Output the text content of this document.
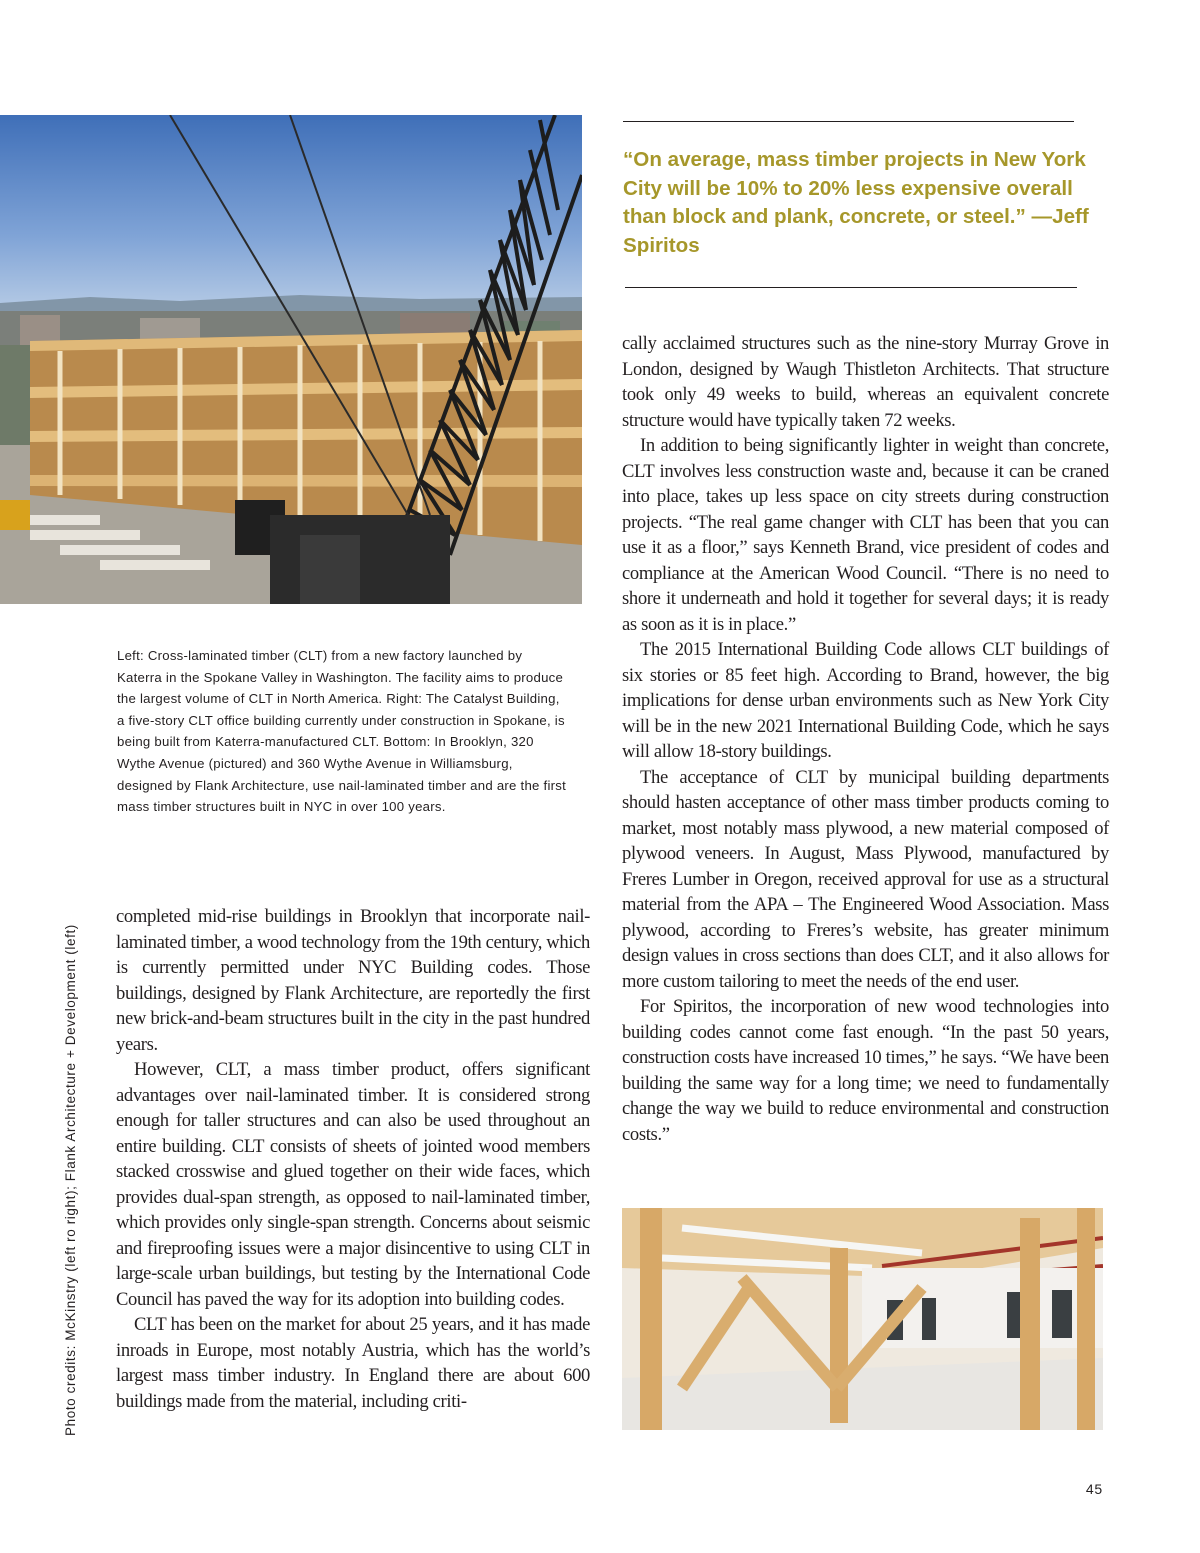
Left: Cross-laminated timber (CLT) from a new factory launched by Katerra in the Spokane Valley in Washington. The facility aims to produce the largest volume of CLT in North America. Right: The Catalyst Building, a five-story CLT office building currently under construction in Spokane, is being built from Katerra-manufactured CLT. Bottom: In Brooklyn, 320 Wythe Avenue (pictured) and 360 Wythe Avenue in Williamsburg, designed by Flank Architecture, use nail-laminated timber and are the first mass timber structures built in NYC in over 100 years.
Photo credits: McKinstry (left ro right); Flank Architecture + Development (left)

“On average, mass timber projects in New York City will be 10% to 20% less expensive overall than block and plank, concrete, or steel.” —Jeff Spiritos

completed mid-rise buildings in Brooklyn that incorporate nail-laminated timber, a wood technology from the 19th century, which is currently permitted under NYC Building codes. Those buildings, designed by Flank Architecture, are reportedly the first new brick-and-beam structures built in the city in the past hundred years.

However, CLT, a mass timber product, offers significant advantages over nail-laminated timber. It is considered strong enough for taller structures and can also be used throughout an entire building. CLT consists of sheets of jointed wood members stacked crosswise and glued together on their wide faces, which provides dual-span strength, as opposed to nail-laminated timber, which provides only single-span strength. Concerns about seismic and fireproofing issues were a major disincentive to using CLT in large-scale urban buildings, but testing by the International Code Council has paved the way for its adoption into building codes.

CLT has been on the market for about 25 years, and it has made inroads in Europe, most notably Austria, which has the world’s largest mass timber industry. In England there are about 600 buildings made from the material, including criti-

cally acclaimed structures such as the nine-story Murray Grove in London, designed by Waugh Thistleton Architects. That structure took only 49 weeks to build, whereas an equivalent concrete structure would have typically taken 72 weeks.

In addition to being significantly lighter in weight than concrete, CLT involves less construction waste and, because it can be craned into place, takes up less space on city streets during construction projects. “The real game changer with CLT has been that you can use it as a floor,” says Kenneth Brand, vice president of codes and compliance at the American Wood Council. “There is no need to shore it underneath and hold it together for several days; it is ready as soon as it is in place.”

The 2015 International Building Code allows CLT buildings of six stories or 85 feet high. According to Brand, however, the big implications for dense urban environments such as New York City will be in the new 2021 International Building Code, which he says will allow 18-story buildings.

The acceptance of CLT by municipal building departments should hasten acceptance of other mass timber products coming to market, most notably mass plywood, a new material composed of plywood veneers. In August, Mass Plywood, manufactured by Freres Lumber in Oregon, received approval for use as a structural material from the APA – The Engineered Wood Association. Mass plywood, according to Freres’s website, has greater minimum design values in cross sections than does CLT, and it also allows for more custom tailoring to meet the needs of the end user.

For Spiritos, the incorporation of new wood technologies into building codes cannot come fast enough. “In the past 50 years, construction costs have increased 10 times,” he says. “We have been building the same way for a long time; we need to fundamentally change the way we build to reduce environmental and construction costs.”

45
